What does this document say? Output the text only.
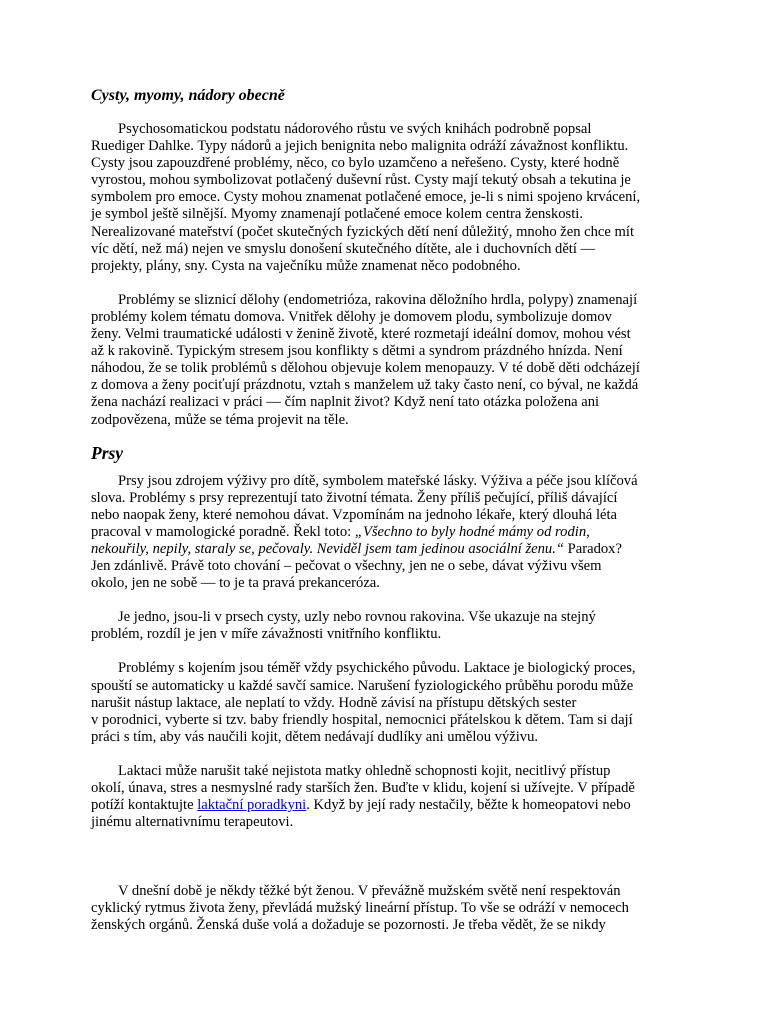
Cysty, myomy, nádory obecně

Psychosomatickou podstatu nádorového růstu ve svých knihách podrobně popsal
Ruediger Dahlke. Typy nádorů a jejich benignita nebo malignita odráží závažnost konfliktu.
Cysty jsou zapouzdřené problémy, něco, co bylo uzamčeno a neřešeno. Cysty, které hodně
vyrostou, mohou symbolizovat potlačený duševní růst. Cysty mají tekutý obsah a tekutina je
symbolem pro emoce. Cysty mohou znamenat potlačené emoce, je-li s nimi spojeno krvácení,
je symbol ještě silnější. Myomy znamenají potlačené emoce kolem centra ženskosti.
Nerealizované mateřství (počet skutečných fyzických dětí není důležitý, mnoho žen chce mít
víc dětí, než má) nejen ve smyslu donošení skutečného dítěte, ale i duchovních dětí —
projekty, plány, sny. Cysta na vaječníku může znamenat něco podobného.

Problémy se sliznicí dělohy (endometrióza, rakovina děložního hrdla, polypy) znamenají
problémy kolem tématu domova. Vnitřek dělohy je domovem plodu, symbolizuje domov
ženy. Velmi traumatické události v ženině životě, které rozmetají ideální domov, mohou vést
až k rakovině. Typickým stresem jsou konflikty s dětmi a syndrom prázdného hnízda. Není
náhodou, že se tolik problémů s dělohou objevuje kolem menopauzy. V té době děti odcházejí
z domova a ženy pociťují prázdnotu, vztah s manželem už taky často není, co býval, ne každá
žena nachází realizaci v práci — čím naplnit život? Když není tato otázka položena ani
zodpovězena, může se téma projevit na těle.

Prsy

Prsy jsou zdrojem výživy pro dítě, symbolem mateřské lásky. Výživa a péče jsou klíčová
slova. Problémy s prsy reprezentují tato životní témata. Ženy příliš pečující, příliš dávající
nebo naopak ženy, které nemohou dávat. Vzpomínám na jednoho lékaře, který dlouhá léta
pracoval v mamologické poradně. Řekl toto: „Všechno to byly hodné mámy od rodin,
nekouřily, nepily, staraly se, pečovaly. Neviděl jsem tam jedinou asociální ženu.“ Paradox?
Jen zdánlivě. Právě toto chování – pečovat o všechny, jen ne o sebe, dávat výživu všem
okolo, jen ne sobě — to je ta pravá prekanceróza.

Je jedno, jsou-li v prsech cysty, uzly nebo rovnou rakovina. Vše ukazuje na stejný
problém, rozdíl je jen v míře závažnosti vnitřního konfliktu.

Problémy s kojením jsou téměř vždy psychického původu. Laktace je biologický proces,
spouští se automaticky u každé savčí samice. Narušení fyziologického průběhu porodu může
narušit nástup laktace, ale neplatí to vždy. Hodně závisí na přístupu dětských sester
v porodnici, vyberte si tzv. baby friendly hospital, nemocnici přátelskou k dětem. Tam si dají
práci s tím, aby vás naučili kojit, dětem nedávají dudlíky ani umělou výživu.

Laktaci může narušit také nejistota matky ohledně schopnosti kojit, necitlivý přístup
okolí, únava, stres a nesmyslné rady starších žen. Buďte v klidu, kojení si užívejte. V případě
potíží kontaktujte laktační poradkyni. Když by její rady nestačily, běžte k homeopatovi nebo
jinému alternativnímu terapeutovi.

V dnešní době je někdy těžké být ženou. V převážně mužském světě není respektován
cyklický rytmus života ženy, převládá mužský lineární přístup. To vše se odráží v nemocech
ženských orgánů. Ženská duše volá a dožaduje se pozornosti. Je třeba vědět, že se nikdy
